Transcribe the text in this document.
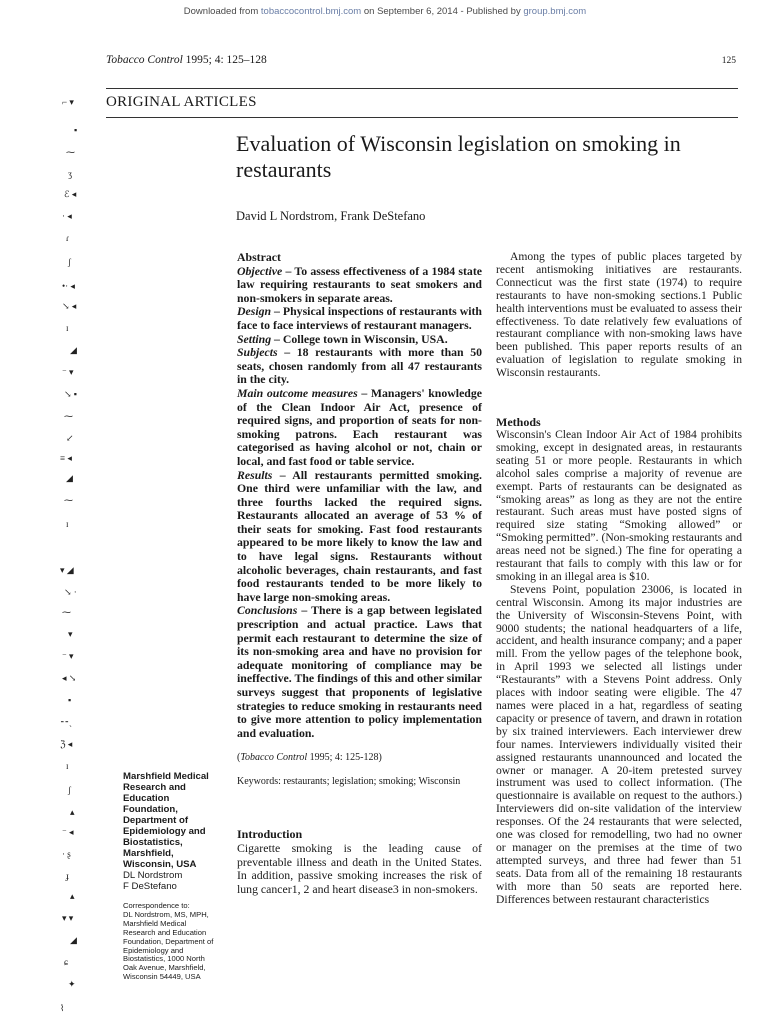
Downloaded from tobaccocontrol.bmj.com on September 6, 2014 - Published by group.bmj.com
Tobacco Control 1995; 4: 125–128	125
ORIGINAL ARTICLES
Evaluation of Wisconsin legislation on smoking in restaurants
David L Nordstrom, Frank DeStefano

Abstract

Objective – To assess effectiveness of a 1984 state law requiring restaurants to seat smokers and non-smokers in separate areas.

Design – Physical inspections of restaurants with face to face interviews of restaurant managers.

Setting – College town in Wisconsin, USA.

Subjects – 18 restaurants with more than 50 seats, chosen randomly from all 47 restaurants in the city.

Main outcome measures – Managers' knowledge of the Clean Indoor Air Act, presence of required signs, and proportion of seats for non-smoking patrons. Each restaurant was categorised as having alcohol or not, chain or local, and fast food or table service.

Results – All restaurants permitted smoking. One third were unfamiliar with the law, and three fourths lacked the required signs. Restaurants allocated an average of 53 % of their seats for smoking. Fast food restaurants appeared to be more likely to know the law and to have legal signs. Restaurants without alcoholic beverages, chain restaurants, and fast food restaurants tended to be more likely to have large non-smoking areas.

Conclusions – There is a gap between legislated prescription and actual practice. Laws that permit each restaurant to determine the size of its non-smoking area and have no provision for adequate monitoring of compliance may be ineffective. The findings of this and other similar surveys suggest that proponents of legislative strategies to reduce smoking in restaurants need to give more attention to policy implementation and evaluation.

(Tobacco Control 1995; 4: 125-128)
Keywords: restaurants; legislation; smoking; Wisconsin
Introduction
Cigarette smoking is the leading cause of preventable illness and death in the United States. In addition, passive smoking increases the risk of lung cancer1, 2 and heart disease3 in non-smokers.

Among the types of public places targeted by recent antismoking initiatives are restaurants. Connecticut was the first state (1974) to require restaurants to have non-smoking sections.1 Public health interventions must be evaluated to assess their effectiveness. To date relatively few evaluations of restaurant compliance with non-smoking laws have been published. This paper reports results of an evaluation of legislation to regulate smoking in Wisconsin restaurants.

Methods

Wisconsin's Clean Indoor Air Act of 1984 prohibits smoking, except in designated areas, in restaurants seating 51 or more people. Restaurants in which alcohol sales comprise a majority of revenue are exempt. Parts of restaurants can be designated as “smoking areas” as long as they are not the entire restaurant. Such areas must have posted signs of required size stating “Smoking allowed” or “Smoking permitted”. (Non-smoking restaurants and areas need not be signed.) The fine for operating a restaurant that fails to comply with this law or for smoking in an illegal area is $10.

Stevens Point, population 23006, is located in central Wisconsin. Among its major industries are the University of Wisconsin-Stevens Point, with 9000 students; the national headquarters of a life, accident, and health insurance company; and a paper mill. From the yellow pages of the telephone book, in April 1993 we selected all listings under “Restaurants” with a Stevens Point address. Only places with indoor seating were eligible. The 47 names were placed in a hat, regardless of seating capacity or presence of tavern, and drawn in rotation by six trained interviewers. Each interviewer drew four names. Interviewers individually visited their assigned restaurants unannounced and located the owner or manager. A 20-item pretested survey instrument was used to collect information. (The questionnaire is available on request to the authors.) Interviewers did on-site validation of the interview responses. Of the 24 restaurants that were selected, one was closed for remodelling, two had no owner or manager on the premises at the time of two attempted surveys, and three had fewer than 51 seats. Data from all of the remaining 18 restaurants with more than 50 seats are reported here. Differences between restaurant characteristics

Marshfield Medical
Research and
Education
Foundation,
Department of
Epidemiology and
Biostatistics,
Marshfield,
Wisconsin, USA
DL Nordstrom
F DeStefano
Correspondence to:
DL Nordstrom, MS, MPH,
Marshfield Medical
Research and Education
Foundation, Department of
Epidemiology and
Biostatistics, 1000 North
Oak Avenue, Marshfield,
Wisconsin 54449, USA
⌐ ▾
▪
⁓
ʒ
ℰ ◂
· ◂
ɾ
ʃ
•· ◂
↘ ◂
ɪ
◢
⁻ ▾
↘ ▪
⁓
↙
≡ ◂
◢
⁓
ɪ
▾ ◢
↘ ·
⁓
▾
⁻ ▾
◂ ↘
▪
⁃⁃ˎ
ℨ ◂
ɪ
ʃ
▴
⁻ ◂
· ʂ
ɟ
▴
▾ ▾
◢
ɕ
✦
⌇
